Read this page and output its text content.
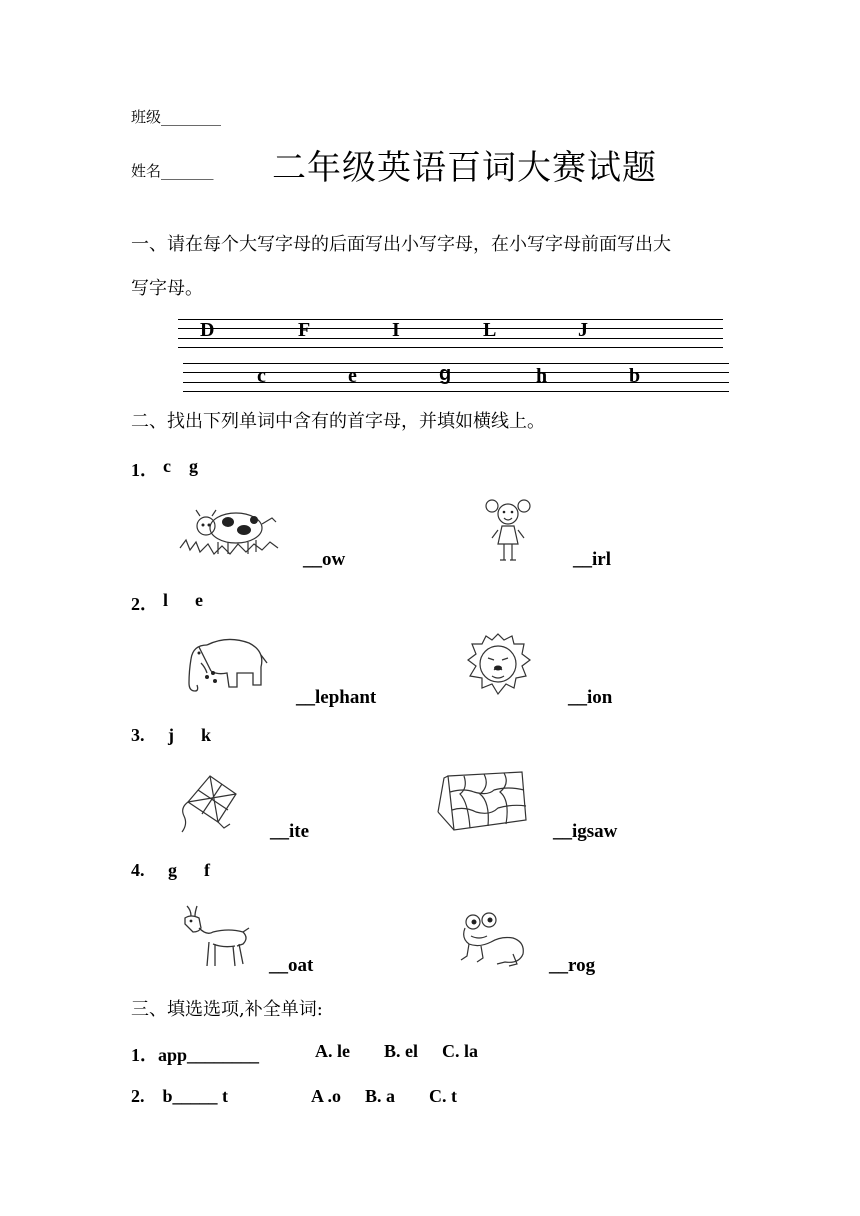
班级________
姓名_______ 二年级英语百词大赛试题
一、请在每个大写字母的后面写出小写字母，在小写字母前面写出大
写字母。
D	F	I	L	J
c	e	g	h	b
二、找出下列单词中含有的首字母，并填如横线上。
1． c    g
__ow	__irl
2． l      e
__lephant	__ion
3. j      k
__ite	__igsaw
4. g      f
__oat	__rog
三、填选选项,补全单词:
1．app________	A. le B. el C. la
2.    b_____ t	A .o B. a C. t
